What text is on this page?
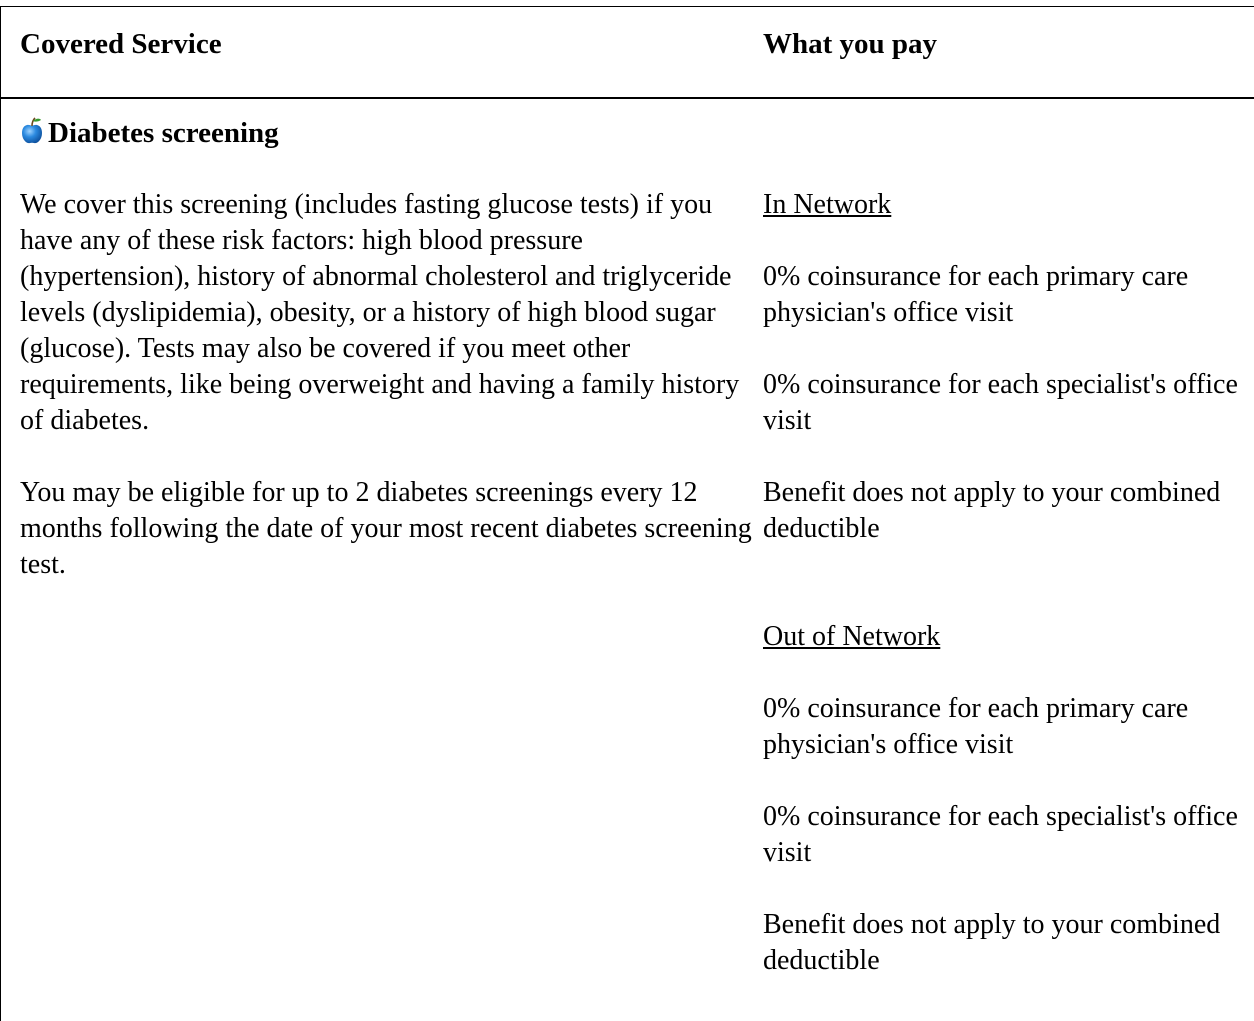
Covered Service	What you pay
Diabetes screening

We cover this screening (includes fasting glucose tests) if you have any of these risk factors: high blood pressure (hypertension), history of abnormal cholesterol and triglyceride levels (dyslipidemia), obesity, or a history of high blood sugar (glucose). Tests may also be covered if you meet other requirements, like being overweight and having a family history of diabetes.

You may be eligible for up to 2 diabetes screenings every 12 months following the date of your most recent diabetes screening test.

In Network
0% coinsurance for each primary care physician's office visit
0% coinsurance for each specialist's office visit
Benefit does not apply to your combined deductible
Out of Network
0% coinsurance for each primary care physician's office visit
0% coinsurance for each specialist's office visit
Benefit does not apply to your combined deductible
